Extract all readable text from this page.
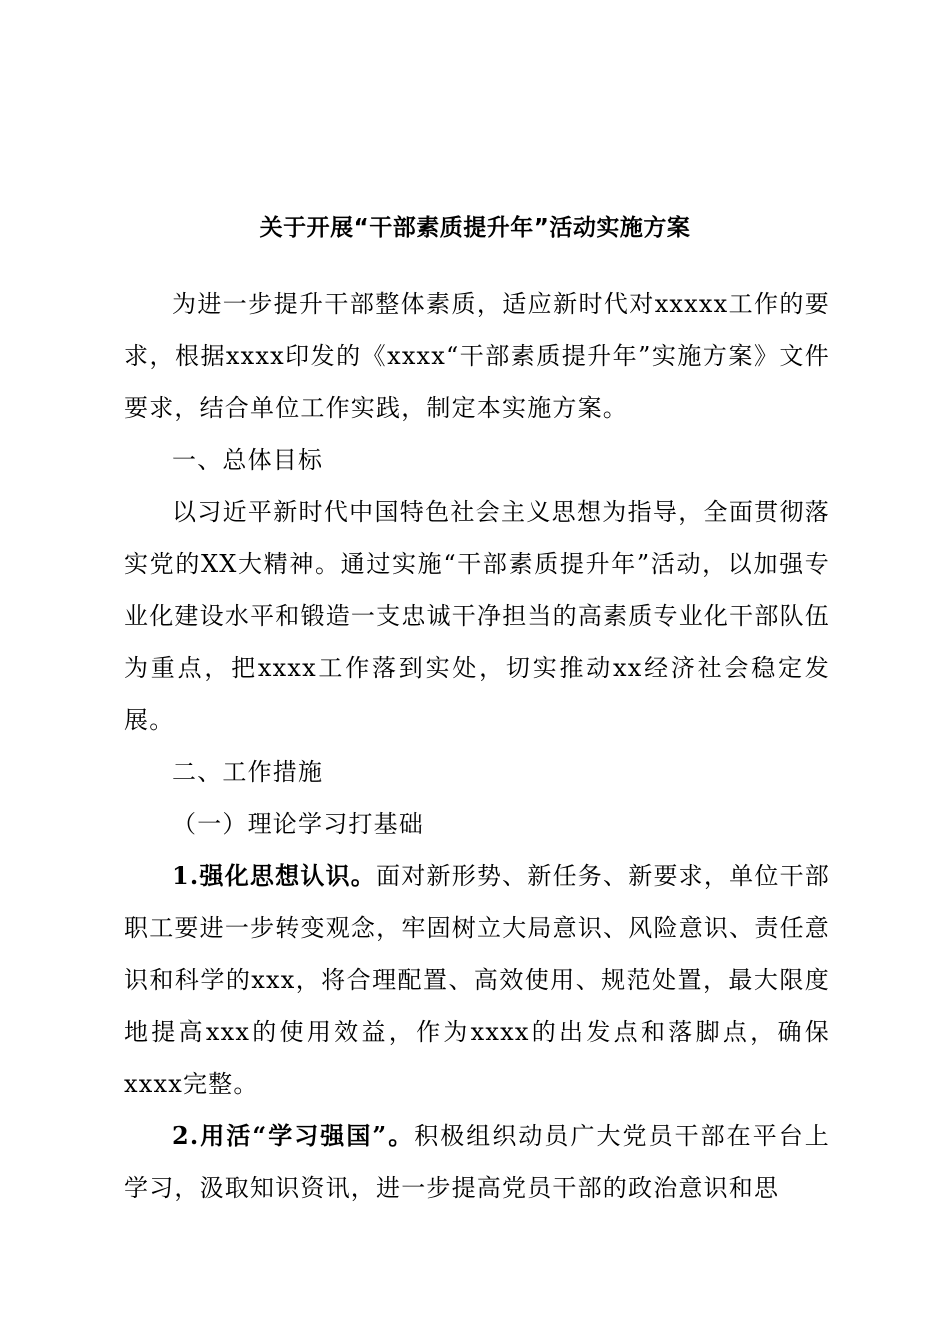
关于开展“干部素质提升年”活动实施方案

为进一步提升干部整体素质，适应新时代对xxxxx工作的要求，根据xxxx印发的《xxxx“干部素质提升年”实施方案》文件要求，结合单位工作实践，制定本实施方案。

一、总体目标

以习近平新时代中国特色社会主义思想为指导，全面贯彻落实党的XX大精神。通过实施“干部素质提升年”活动，以加强专业化建设水平和锻造一支忠诚干净担当的高素质专业化干部队伍为重点，把xxxx工作落到实处，切实推动xx经济社会稳定发展。

二、工作措施

（一）理论学习打基础

1.强化思想认识。面对新形势、新任务、新要求，单位干部职工要进一步转变观念，牢固树立大局意识、风险意识、责任意识和科学的xxx，将合理配置、高效使用、规范处置，最大限度地提高xxx的使用效益，作为xxxx的出发点和落脚点，确保xxxx完整。

2.用活“学习强国”。积极组织动员广大党员干部在平台上学习，汲取知识资讯，进一步提高党员干部的政治意识和思
